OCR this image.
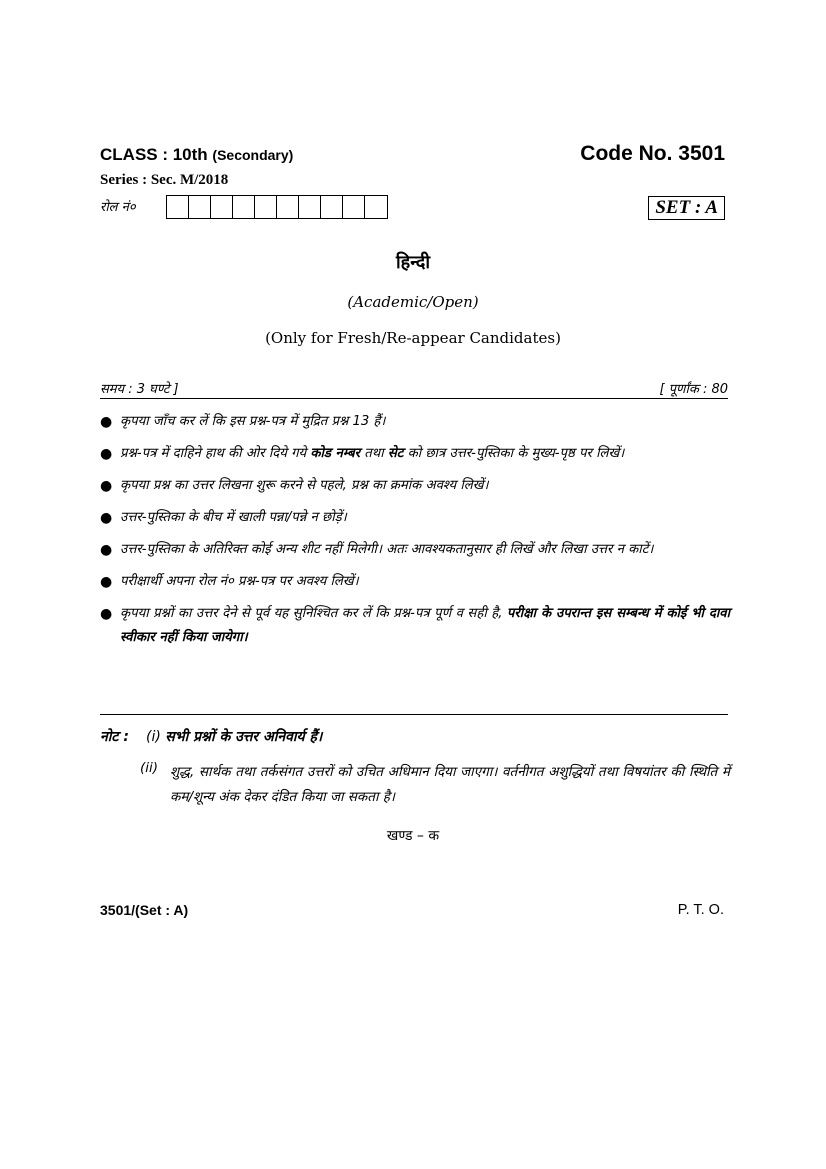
CLASS : 10th (Secondary)	Code No. 3501
Series : Sec. M/2018
रोल नं०	SET : A
हिन्दी
(Academic/Open)
(Only for Fresh/Re-appear Candidates)
समय : 3 घण्टे ]	[ पूर्णांक : 80
● कृपया जाँच कर लें कि इस प्रश्न-पत्र में मुद्रित प्रश्न 13 हैं।
● प्रश्न-पत्र में दाहिने हाथ की ओर दिये गये कोड नम्बर तथा सेट को छात्र उत्तर-पुस्तिका के मुख्य-पृष्ठ पर लिखें।
● कृपया प्रश्न का उत्तर लिखना शुरू करने से पहले, प्रश्न का क्रमांक अवश्य लिखें।
● उत्तर-पुस्तिका के बीच में खाली पन्ना/पन्ने न छोड़ें।
● उत्तर-पुस्तिका के अतिरिक्त कोई अन्य शीट नहीं मिलेगी। अतः आवश्यकतानुसार ही लिखें और लिखा उत्तर न काटें।
● परीक्षार्थी अपना रोल नं० प्रश्न-पत्र पर अवश्य लिखें।
● कृपया प्रश्नों का उत्तर देने से पूर्व यह सुनिश्चित कर लें कि प्रश्न-पत्र पूर्ण व सही है, परीक्षा के उपरान्त इस सम्बन्ध में कोई भी दावा स्वीकार नहीं किया जायेगा।
नोट : (i) सभी प्रश्नों के उत्तर अनिवार्य हैं।
(ii) शुद्ध, सार्थक तथा तर्कसंगत उत्तरों को उचित अधिमान दिया जाएगा। वर्तनीगत अशुद्धियों तथा विषयांतर की स्थिति में कम/शून्य अंक देकर दंडित किया जा सकता है।
खण्ड – क
3501/(Set : A)	P. T. O.
